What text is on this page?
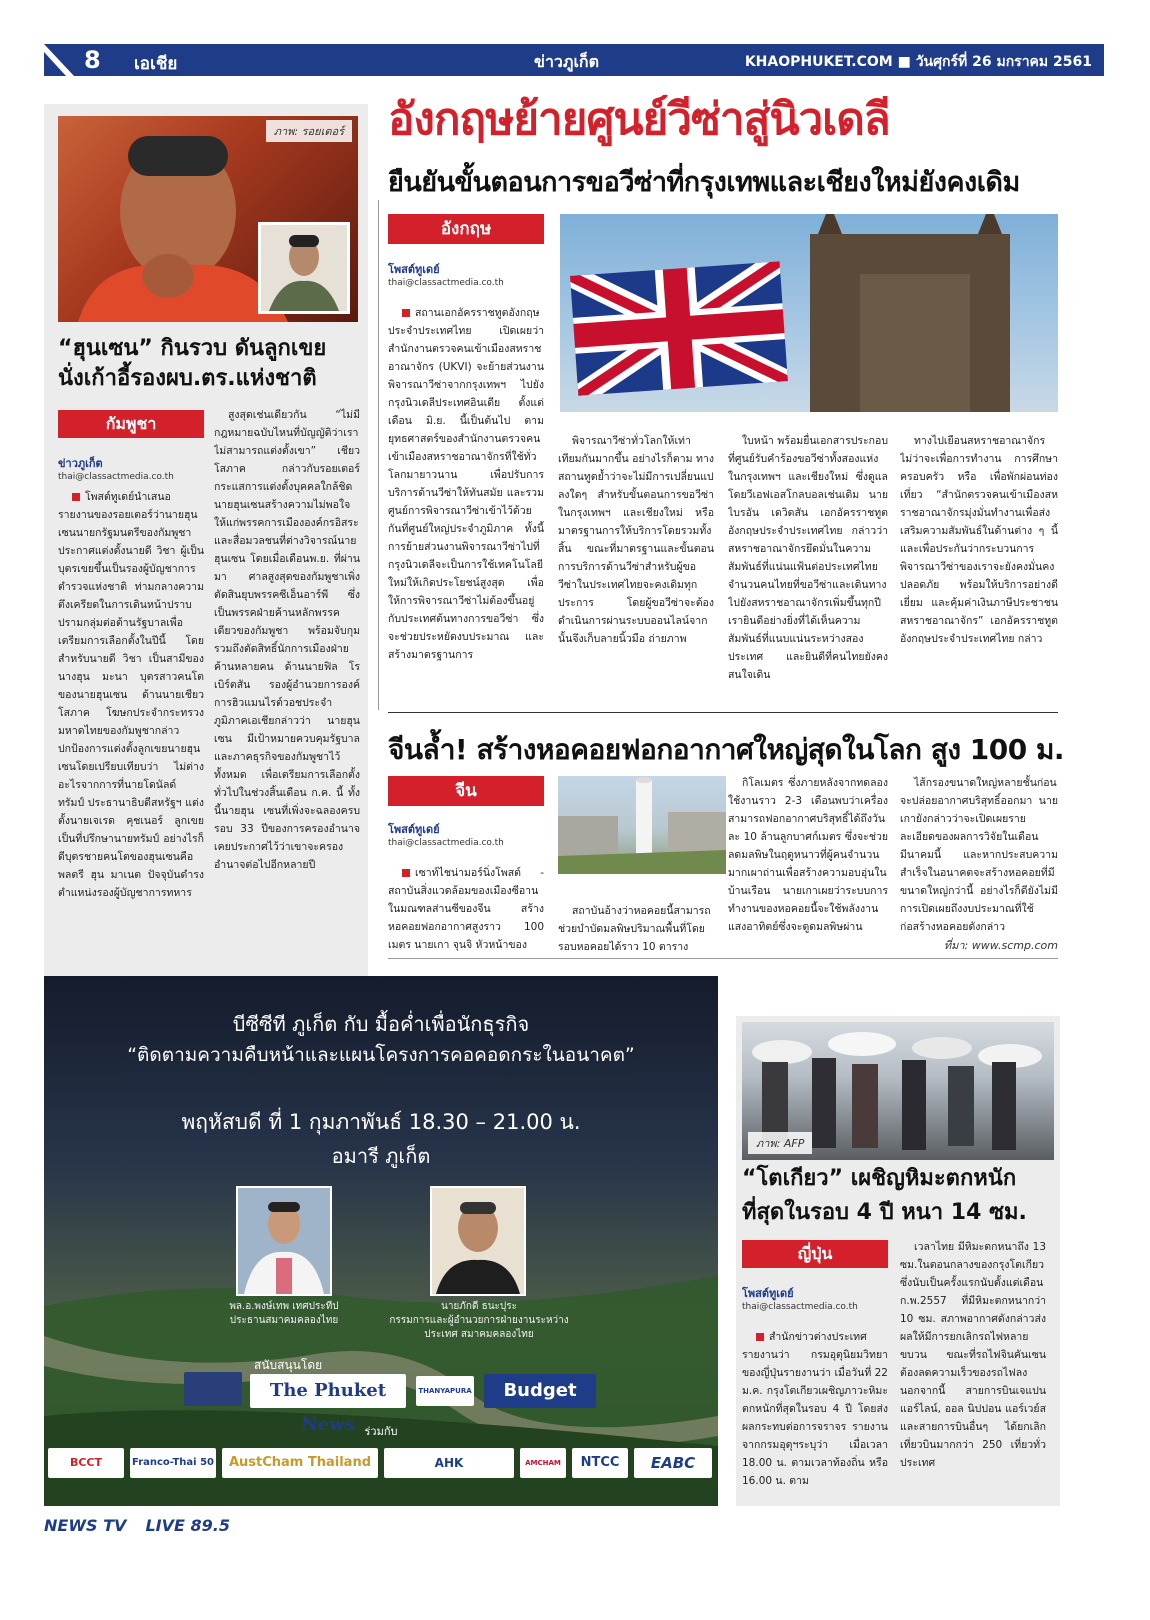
8 เอเชีย	ข่าวภูเก็ต	KHAOPHUKET.COM ■ วันศุกร์ที่ 26 มกราคม 2561
ภาพ: รอยเตอร์
“ฮุนเซน” กินรวบ ดันลูกเขย
นั่งเก้าอี้รองผบ.ตร.แห่งชาติ
กัมพูชา
ข่าวภูเก็ต
thai@classactmedia.co.th

โพสต์ทูเดย์นำเสนอรายงานของรอยเตอร์ว่านายฮุนเซนนายกรัฐมนตรีของกัมพูชา ประกาศแต่งตั้งนายดี วิชา ผู้เป็นบุตรเขยขึ้นเป็นรองผู้บัญชาการตำรวจแห่งชาติ ท่ามกลางความตึงเครียดในการเดินหน้าปราบปรามกลุ่มต่อต้านรัฐบาลเพื่อเตรียมการเลือกตั้งในปีนี้ โดยสำหรับนายดี วิชา เป็นสามีของนางฮุน มะนา บุตรสาวคนโตของนายฮุนเซน ด้านนายเชียว โสภาค โฆษกประจำกระทรวงมหาดไทยของกัมพูชากล่าวปกป้องการแต่งตั้งลูกเขยนายฮุนเซนโดยเปรียบเทียบว่า ไม่ต่างอะไรจากการที่นายโดนัลด์ ทรัมป์ ประธานาธิบดีสหรัฐฯ แต่งตั้งนายเจเรด คุชเนอร์ ลูกเขยเป็นที่ปรึกษานายทรัมป์ อย่างไรก็ดีบุตรชายคนโตของฮุนเซนคือพลตรี ฮุน มาเนต ปัจจุบันดำรงตำแหน่งรองผู้บัญชาการทหาร

สูงสุดเช่นเดียวกัน “ไม่มีกฎหมายฉบับไหนที่บัญญัติว่าเราไม่สามารถแต่งตั้งเขา” เชียว โสภาค กล่าวกับรอยเตอร์ กระแสการแต่งตั้งบุคคลใกล้ชิดนายฮุนเซนสร้างความไม่พอใจให้แก่พรรคการเมืององค์กรอิสระ และสื่อมวลชนที่ต่างวิจารณ์นายฮุนเซน โดยเมื่อเดือนพ.ย. ที่ผ่านมา ศาลสูงสุดของกัมพูชาเพิ่งตัดสินยุบพรรคซีเอ็นอาร์พี ซึ่งเป็นพรรคฝ่ายค้านหลักพรรคเดียวของกัมพูชา พร้อมจับกุมรวมถึงตัดสิทธิ์นักการเมืองฝ่ายค้านหลายคน ด้านนายฟิล โรเบิร์ตสัน รองผู้อำนวยการองค์การฮิวแมนไรต์วอชประจำภูมิภาคเอเชียกล่าวว่า นายฮุนเซน มีเป้าหมายควบคุมรัฐบาลและภาคธุรกิจของกัมพูชาไว้ทั้งหมด เพื่อเตรียมการเลือกตั้งทั่วไปในช่วงสิ้นเดือน ก.ค. นี้ ทั้งนี้นายฮุน เซนที่เพิ่งจะฉลองครบรอบ 33 ปีของการครองอำนาจเคยประกาศไว้ว่าเขาจะครองอำนาจต่อไปอีกหลายปี

อังกฤษย้ายศูนย์วีซ่าสู่นิวเดลี
ยืนยันขั้นตอนการขอวีซ่าที่กรุงเทพและเชียงใหม่ยังคงเดิม
อังกฤษ
โพสต์ทูเดย์
thai@classactmedia.co.th

สถานเอกอัครราชทูตอังกฤษประจำประเทศไทย เปิดเผยว่า สำนักงานตรวจคนเข้าเมืองสหราชอาณาจักร (UKVI) จะย้ายส่วนงานพิจารณาวีซ่าจากกรุงเทพฯ ไปยังกรุงนิวเดลีประเทศอินเดีย ตั้งแต่เดือน มิ.ย. นี้เป็นต้นไป ตามยุทธศาสตร์ของสำนักงานตรวจคนเข้าเมืองสหราชอาณาจักรที่ใช้ทั่วโลกมายาวนาน เพื่อปรับการบริการด้านวีซ่าให้ทันสมัย และรวมศูนย์การพิจารณาวีซ่าเข้าไว้ด้วยกันที่ศูนย์ใหญ่ประจำภูมิภาค ทั้งนี้ การย้ายส่วนงานพิจารณาวีซ่าไปที่กรุงนิวเดลีจะเป็นการใช้เทคโนโลยีใหม่ให้เกิดประโยชน์สูงสุด เพื่อให้การพิจารณาวีซ่าไม่ต้องขึ้นอยู่กับประเทศต้นทางการขอวีซ่า ซึ่งจะช่วยประหยัดงบประมาณ และสร้างมาตรฐานการ

พิจารณาวีซ่าทั่วโลกให้เท่าเทียมกันมากขึ้น อย่างไรก็ตาม ทางสถานทูตย้ำว่าจะไม่มีการเปลี่ยนแปลงใดๆ สำหรับขั้นตอนการขอวีซ่าในกรุงเทพฯ และเชียงใหม่ หรือมาตรฐานการให้บริการโดยรวมทั้งสิ้น ขณะที่มาตรฐานและขั้นตอนการบริการด้านวีซ่าสำหรับผู้ขอวีซ่าในประเทศไทยจะคงเดิมทุกประการ โดยผู้ขอวีซ่าจะต้องดำเนินการผ่านระบบออนไลน์จากนั้นจึงเก็บลายนิ้วมือ ถ่ายภาพ

ใบหน้า พร้อมยื่นเอกสารประกอบที่ศูนย์รับคำร้องขอวีซ่าทั้งสองแห่งในกรุงเทพฯ และเชียงใหม่ ซึ่งดูแลโดยวีเอฟเอสโกลบอลเช่นเดิม นายไบรอัน เดวิดสัน เอกอัครราชทูตอังกฤษประจำประเทศไทย กล่าวว่า สหราชอาณาจักรยึดมั่นในความสัมพันธ์ที่แน่นแฟ้นต่อประเทศไทย จำนวนคนไทยที่ขอวีซ่าและเดินทางไปยังสหราชอาณาจักรเพิ่มขึ้นทุกปี เรายินดีอย่างยิ่งที่ได้เห็นความสัมพันธ์ที่แนบแน่นระหว่างสองประเทศ และยินดีที่คนไทยยังคงสนใจเดิน

ทางไปเยือนสหราชอาณาจักร ไม่ว่าจะเพื่อการทำงาน การศึกษา ครอบครัว หรือ เพื่อพักผ่อนท่องเที่ยว “สำนักตรวจคนเข้าเมืองสหราชอาณาจักรมุ่งมั่นทำงานเพื่อส่งเสริมความสัมพันธ์ในด้านต่าง ๆ นี้ และเพื่อประกันว่ากระบวนการพิจารณาวีซ่าของเราจะยังคงมั่นคงปลอดภัย พร้อมให้บริการอย่างดีเยี่ยม และคุ้มค่าเงินภาษีประชาชนสหราชอาณาจักร” เอกอัครราชทูตอังกฤษประจำประเทศไทย กล่าว

จีนล้ำ! สร้างหอคอยฟอกอากาศใหญ่สุดในโลก สูง 100 ม.
จีน
โพสต์ทูเดย์
thai@classactmedia.co.th

เซาท์ไชน่ามอร์นิ่งโพสต์ - สถาบันสิ่งแวดล้อมของเมืองซีอานในมณฑลส่านซีของจีน สร้างหอคอยฟอกอากาศสูงราว 100 เมตร นายเกา จุนจิ หัวหน้าของ

สถาบันอ้างว่าหอคอยนี้สามารถช่วยบำบัดมลพิษปริมาณพื้นที่โดยรอบหอคอยได้ราว 10 ตาราง

กิโลเมตร ซึ่งภายหลังจากทดลองใช้งานราว 2-3 เดือนพบว่าเครื่องสามารถฟอกอากาศบริสุทธิ์ได้ถึงวันละ 10 ล้านลูกบาศก์เมตร ซึ่งจะช่วยลดมลพิษในฤดูหนาวที่ผู้คนจำนวนมากเผาถ่านเพื่อสร้างความอบอุ่นในบ้านเรือน นายเกาเผยว่าระบบการทำงานของหอคอยนี้จะใช้พลังงานแสงอาทิตย์ซึ่งจะดูดมลพิษผ่าน

ไส้กรองขนาดใหญ่หลายชั้นก่อนจะปล่อยอากาศบริสุทธิ์ออกมา นายเกายังกล่าวว่าจะเปิดเผยรายละเอียดของผลการวิจัยในเดือนมีนาคมนี้ และหากประสบความสำเร็จในอนาคตจะสร้างหอคอยที่มีขนาดใหญ่กว่านี้ อย่างไรก็ดียังไม่มีการเปิดเผยถึงงบประมาณที่ใช้ก่อสร้างหอคอยดังกล่าว

ที่มา: www.scmp.com
บีซีซีที ภูเก็ต กับ มื้อค่ำเพื่อนักธุรกิจ
“ติดตามความคืบหน้าและแผนโครงการคอคอดกระในอนาคต”
พฤหัสบดี ที่ 1 กุมภาพันธ์ 18.30 – 21.00 น.
อมารี ภูเก็ต
พล.อ.พงษ์เทพ เทศประทีป
ประธานสมาคมคลองไทย
นายภักดี ธนะปุระ
กรรมการและผู้อำนวยการฝ่ายงานระหว่างประเทศ สมาคมคลองไทย
สนับสนุนโดย
The Phuket News
THANYAPURA	Budget
ร่วมกับ
BCCT	Franco-Thai 50	AustCham Thailand	AHK	AMCHAM	NTCC	EABC
ภาพ: AFP
“โตเกียว” เผชิญหิมะตกหนัก
ที่สุดในรอบ 4 ปี หนา 14 ซม.
ญี่ปุ่น
โพสต์ทูเดย์
thai@classactmedia.co.th

สำนักข่าวต่างประเทศรายงานว่า กรมอุตุนิยมวิทยาของญี่ปุ่นรายงานว่า เมื่อวันที่ 22 ม.ค. กรุงโตเกียวเผชิญภาวะหิมะตกหนักที่สุดในรอบ 4 ปี โดยส่งผลกระทบต่อการจราจร รายงานจากกรมอุตุฯระบุว่า เมื่อเวลา 18.00 น. ตามเวลาท้องถิ่น หรือ 16.00 น. ตาม

เวลาไทย มีหิมะตกหนาถึง 13 ซม.ในตอนกลางของกรุงโตเกียว ซึ่งนับเป็นครั้งแรกนับตั้งแต่เดือน ก.พ.2557 ที่มีหิมะตกหนากว่า 10 ซม. สภาพอากาศดังกล่าวส่งผลให้มีการยกเลิกรถไฟหลายขบวน ขณะที่รถไฟจินคันเซนต้องลดความเร็วของรถไฟลง นอกจากนี้ สายการบินเจแปน แอร์ไลน์, ออล นิปปอน แอร์เวย์ส และสายการบินอื่นๆ ได้ยกเลิกเที่ยวบินมากกว่า 250 เที่ยวทั่วประเทศ

NEWS TV LIVE 89.5
